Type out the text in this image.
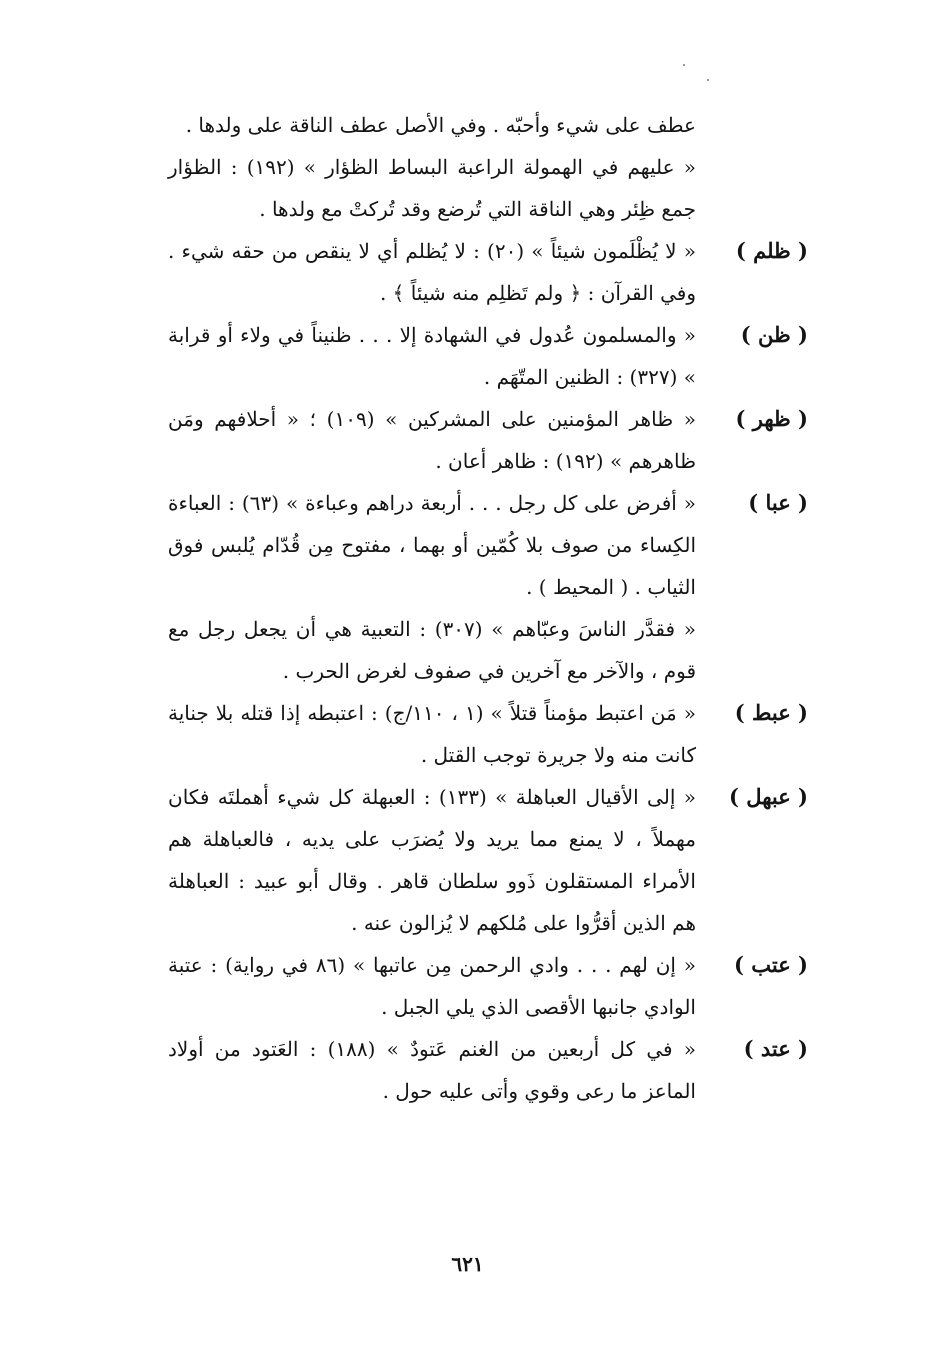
عطف على شيء وأحبّه . وفي الأصل عطف الناقة على ولدها .

« عليهم في الهمولة الراعبة البساط الظؤار » (١٩٢) : الظؤار جمع ظِئر وهي الناقة التي تُرضع وقد تُركتْ مع ولدها .

( ظلم )

« لا يُظْلَمون شيئاً » (٢٠) : لا يُظلم أي لا ينقص من حقه شيء . وفي القرآن : ﴿ ولم تَظلِم منه شيئاً ﴾ .

( ظن )

« والمسلمون عُدول في الشهادة إلا . . . ظنيناً في ولاء أو قرابة » (٣٢٧) : الظنين المتّهَم .

( ظهر )

« ظاهر المؤمنين على المشركين » (١٠٩) ؛ « أحلافهم ومَن ظاهرهم » (١٩٢) : ظاهر أعان .

( عبا )

« أفرض على كل رجل . . . أربعة دراهم وعباءة » (٦٣) : العباءة الكِساء من صوف بلا كُمّين أو بهما ، مفتوح مِن قُدّام يُلبس فوق الثياب . ( المحيط ) .

« فقدَّر الناسَ وعبّاهم » (٣٠٧) : التعبية هي أن يجعل رجل مع قوم ، والآخر مع آخرين في صفوف لغرض الحرب .

( عبط )

« مَن اعتبط مؤمناً قتلاً » (١ ، ١١٠/ج) : اعتبطه إذا قتله بلا جناية كانت منه ولا جريرة توجب القتل .

( عبهل )

« إلى الأقيال العباهلة » (١٣٣) : العبهلة كل شيء أهملتَه فكان مهملاً ، لا يمنع مما يريد ولا يُضرَب على يديه ، فالعباهلة هم الأمراء المستقلون ذَوو سلطان قاهر . وقال أبو عبيد : العباهلة هم الذين أقرُّوا على مُلكهم لا يُزالون عنه .

( عتب )

« إن لهم . . . وادي الرحمن مِن عاتبها » (٨٦ في رواية) : عتبة الوادي جانبها الأقصى الذي يلي الجبل .

( عتد )

« في كل أربعين من الغنم عَتودٌ » (١٨٨) : العَتود من أولاد الماعز ما رعى وقوي وأتى عليه حول .

٦٢١
